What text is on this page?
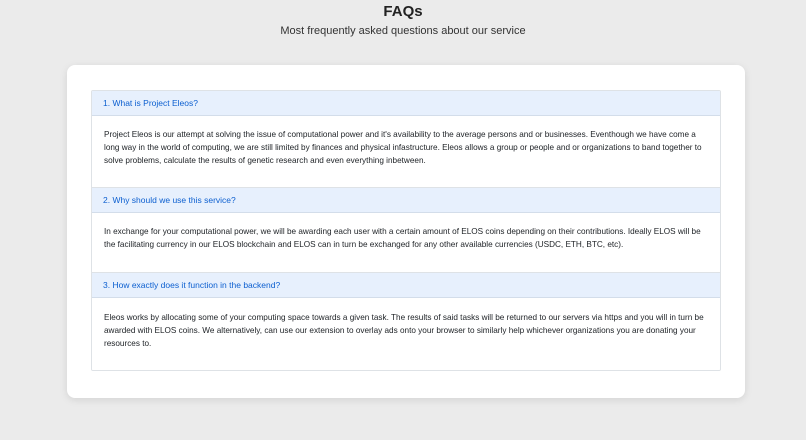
FAQs

Most frequently asked questions about our service

1. What is Project Eleos?

Project Eleos is our attempt at solving the issue of computational power and it's availability to the average persons and or businesses. Eventhough we have come a long way in the world of computing, we are still limited by finances and physical infastructure. Eleos allows a group or people and or organizations to band together to solve problems, calculate the results of genetic research and even everything inbetween.

2. Why should we use this service?

In exchange for your computational power, we will be awarding each user with a certain amount of ELOS coins depending on their contributions. Ideally ELOS will be the facilitating currency in our ELOS blockchain and ELOS can in turn be exchanged for any other available currencies (USDC, ETH, BTC, etc).

3. How exactly does it function in the backend?

Eleos works by allocating some of your computing space towards a given task. The results of said tasks will be returned to our servers via https and you will in turn be awarded with ELOS coins. We alternatively, can use our extension to overlay ads onto your browser to similarly help whichever organizations you are donating your resources to.
